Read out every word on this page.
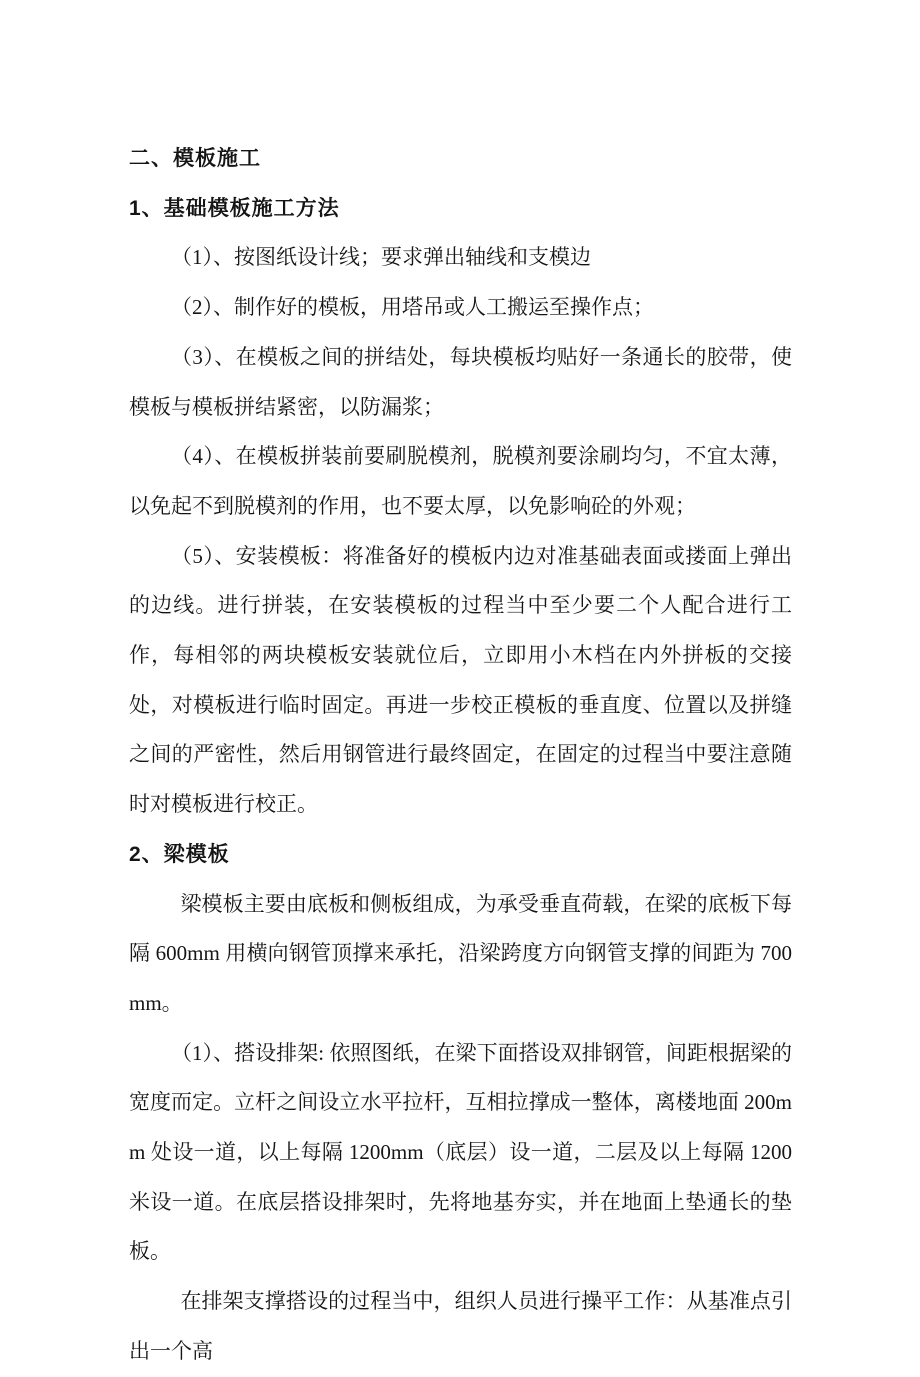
二、模板施工
1、基础模板施工方法

（1）、按图纸设计线；要求弹出轴线和支模边

（2）、制作好的模板，用塔吊或人工搬运至操作点；

（3）、在模板之间的拼结处，每块模板均贴好一条通长的胶带，使模板与模板拼结紧密，以防漏浆；

（4）、在模板拼装前要刷脱模剂，脱模剂要涂刷均匀，不宜太薄，以免起不到脱模剂的作用，也不要太厚，以免影响砼的外观；

（5）、安装模板：将准备好的模板内边对准基础表面或搂面上弹出的边线。进行拼装，在安装模板的过程当中至少要二个人配合进行工作，每相邻的两块模板安装就位后，立即用小木档在内外拼板的交接处，对模板进行临时固定。再进一步校正模板的垂直度、位置以及拼缝之间的严密性，然后用钢管进行最终固定，在固定的过程当中要注意随时对模板进行校正。

2、梁模板

梁模板主要由底板和侧板组成，为承受垂直荷载，在梁的底板下每隔 600mm 用横向钢管顶撑来承托，沿梁跨度方向钢管支撑的间距为 700mm。

（1）、搭设排架: 依照图纸，在梁下面搭设双排钢管，间距根据梁的宽度而定。立杆之间设立水平拉杆，互相拉撑成一整体，离楼地面 200mm 处设一道，以上每隔 1200mm（底层）设一道，二层及以上每隔 1200 米设一道。在底层搭设排架时，先将地基夯实，并在地面上垫通长的垫板。

在排架支撑搭设的过程当中，组织人员进行操平工作：从基准点引出一个高
